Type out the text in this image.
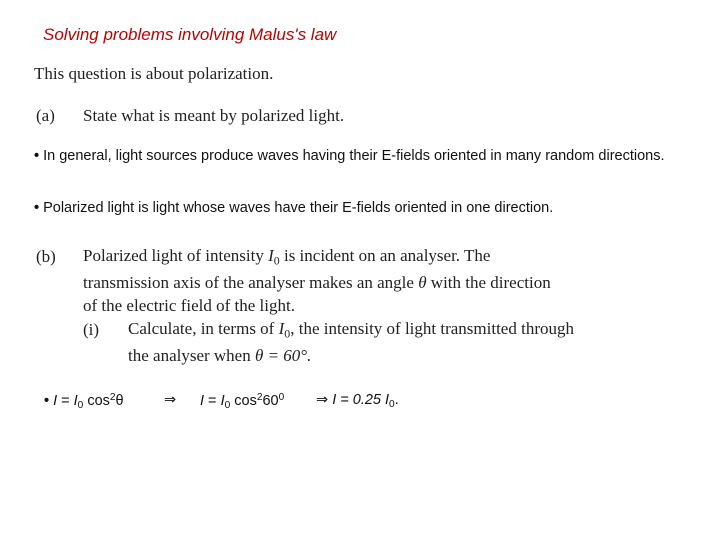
Solving problems involving Malus's law
This question is about polarization.
(a) State what is meant by polarized light.
• In general, light sources produce waves having their E-fields oriented in many random directions.
• Polarized light is light whose waves have their E-fields oriented in one direction.
(b) Polarized light of intensity $I_0$ is incident on an analyser. The
transmission axis of the analyser makes an angle θ with the direction
of the electric field of the light.
(i) Calculate, in terms of $I_0$, the intensity of light transmitted through
the analyser when θ = 60°.
• $I = I_0$ $\cos^2\theta$	⇒ $I = I_0$ $\cos^260^0$ ⇒ I = 0.25 $I_0$.
